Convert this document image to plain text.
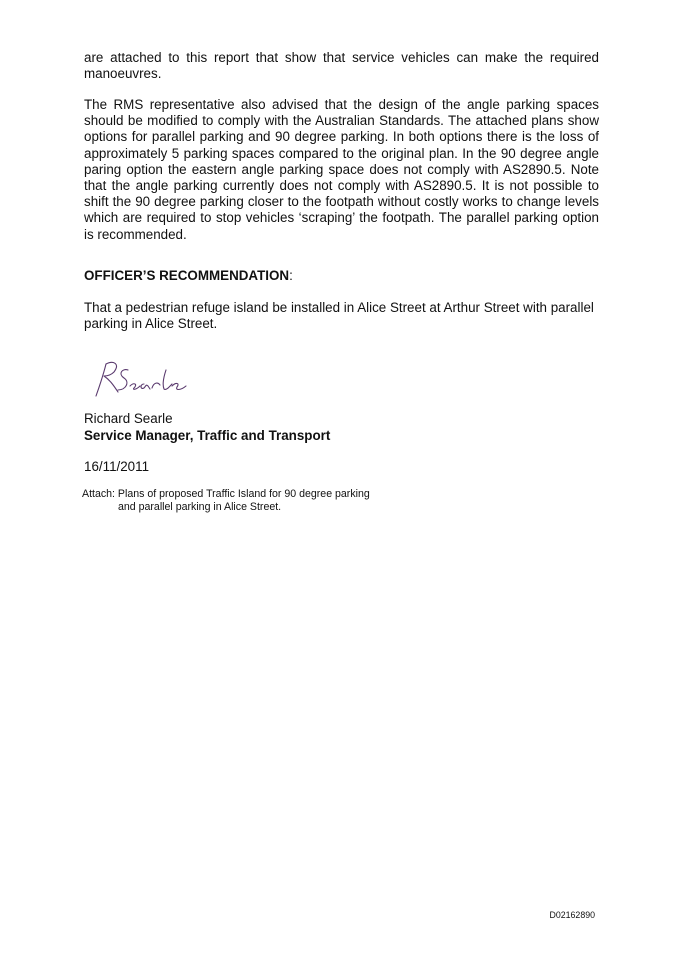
are attached to this report that show that service vehicles can make the required manoeuvres.

The RMS representative also advised that the design of the angle parking spaces should be modified to comply with the Australian Standards. The attached plans show options for parallel parking and 90 degree parking. In both options there is the loss of approximately 5 parking spaces compared to the original plan. In the 90 degree angle paring option the eastern angle parking space does not comply with AS2890.5. Note that the angle parking currently does not comply with AS2890.5. It is not possible to shift the 90 degree parking closer to the footpath without costly works to change levels which are required to stop vehicles ‘scraping’ the footpath. The parallel parking option is recommended.

OFFICER’S RECOMMENDATION:

That a pedestrian refuge island be installed in Alice Street at Arthur Street with parallel parking in Alice Street.

Richard Searle
Service Manager, Traffic and Transport
16/11/2011
Attach: Plans of proposed Traffic Island for 90 degree parking
and parallel parking in Alice Street.
D02162890
